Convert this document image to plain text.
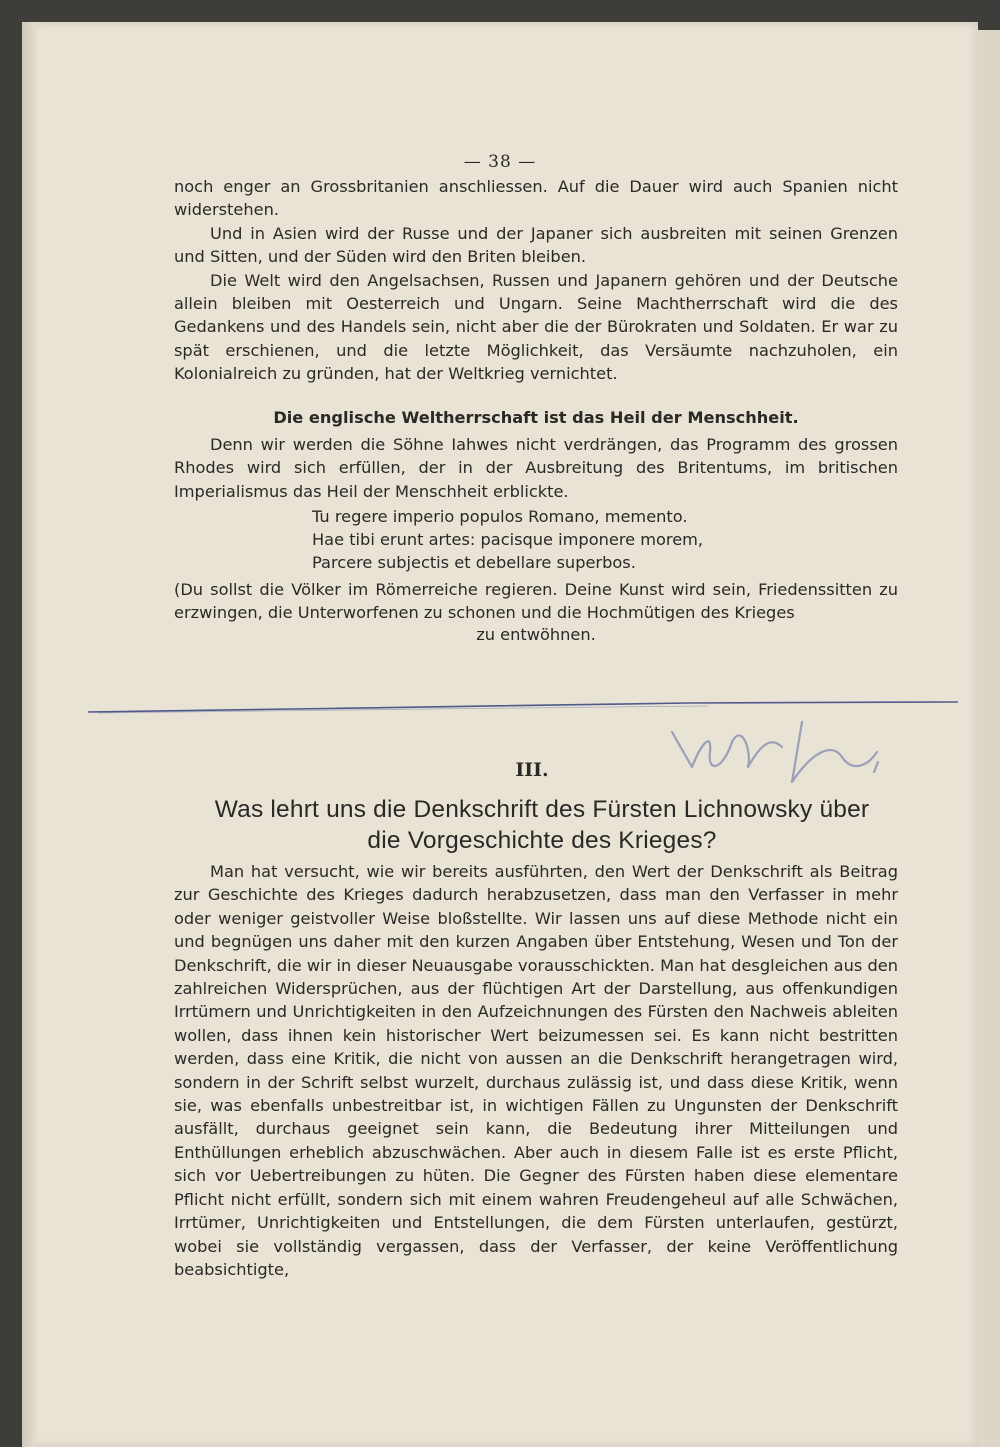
— 38 —

noch enger an Grossbritanien anschliessen. Auf die Dauer wird auch Spanien nicht widerstehen.

Und in Asien wird der Russe und der Japaner sich ausbreiten mit seinen Grenzen und Sitten, und der Süden wird den Briten bleiben.

Die Welt wird den Angelsachsen, Russen und Japanern gehören und der Deutsche allein bleiben mit Oesterreich und Ungarn. Seine Machtherrschaft wird die des Gedankens und des Handels sein, nicht aber die der Bürokraten und Soldaten. Er war zu spät erschienen, und die letzte Möglichkeit, das Versäumte nachzuholen, ein Kolonialreich zu gründen, hat der Weltkrieg vernichtet.

Die englische Weltherrschaft ist das Heil der Menschheit.

Denn wir werden die Söhne Iahwes nicht verdrängen, das Programm des grossen Rhodes wird sich erfüllen, der in der Ausbreitung des Britentums, im britischen Imperialismus das Heil der Menschheit erblickte.

Tu regere imperio populos Romano, memento.
Hae tibi erunt artes: pacisque imponere morem,
Parcere subjectis et debellare superbos.

(Du sollst die Völker im Römerreiche regieren. Deine Kunst wird sein, Friedenssitten zu erzwingen, die Unterworfenen zu schonen und die Hochmütigen des Krieges

zu entwöhnen.
III.
Was lehrt uns die Denkschrift des Fürsten Lichnowsky über
die Vorgeschichte des Krieges?

Man hat versucht, wie wir bereits ausführten, den Wert der Denkschrift als Beitrag zur Geschichte des Krieges dadurch herabzusetzen, dass man den Verfasser in mehr oder weniger geistvoller Weise bloßstellte. Wir lassen uns auf diese Methode nicht ein und begnügen uns daher mit den kurzen Angaben über Entstehung, Wesen und Ton der Denkschrift, die wir in dieser Neuausgabe vorausschickten. Man hat desgleichen aus den zahlreichen Widersprüchen, aus der flüchtigen Art der Darstellung, aus offenkundigen Irrtümern und Unrichtigkeiten in den Aufzeichnungen des Fürsten den Nachweis ableiten wollen, dass ihnen kein historischer Wert beizumessen sei. Es kann nicht bestritten werden, dass eine Kritik, die nicht von aussen an die Denkschrift herangetragen wird, sondern in der Schrift selbst wurzelt, durchaus zulässig ist, und dass diese Kritik, wenn sie, was ebenfalls unbestreitbar ist, in wichtigen Fällen zu Ungunsten der Denkschrift ausfällt, durchaus geeignet sein kann, die Bedeutung ihrer Mitteilungen und Enthüllungen erheblich abzuschwächen. Aber auch in diesem Falle ist es erste Pflicht, sich vor Uebertreibungen zu hüten. Die Gegner des Fürsten haben diese elementare Pflicht nicht erfüllt, sondern sich mit einem wahren Freudengeheul auf alle Schwächen, Irrtümer, Unrichtigkeiten und Entstellungen, die dem Fürsten unterlaufen, gestürzt, wobei sie vollständig vergassen, dass der Verfasser, der keine Veröffentlichung beabsichtigte,
